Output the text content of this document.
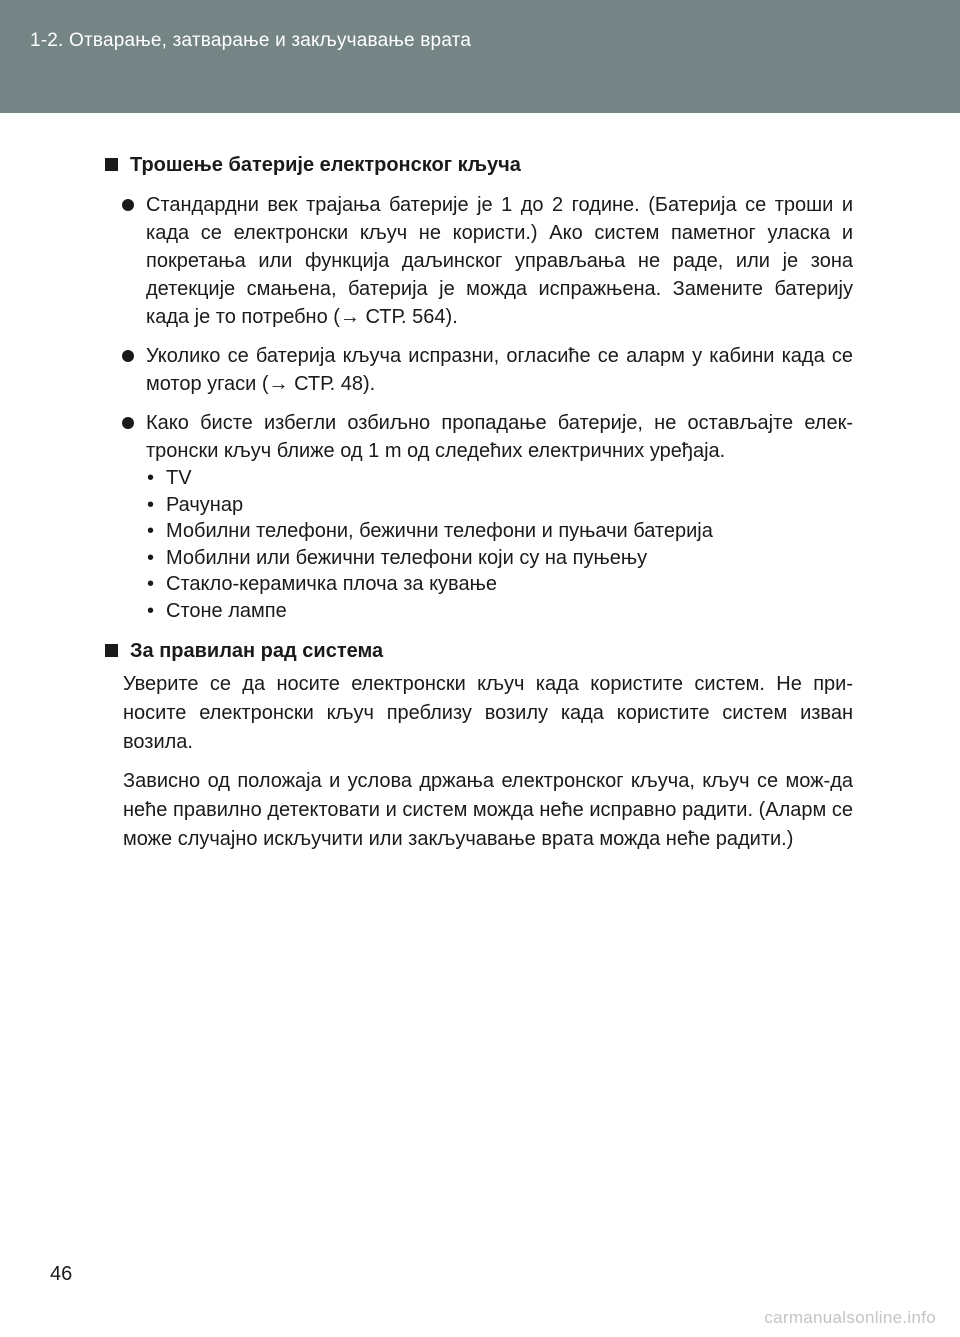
1-2. Отварање, затварање и закључавање врата
Трошење батерије електронског кључа
Стандардни век трајања батерије је 1 до 2 године. (Батерија се троши и када се електронски кључ не користи.) Ако систем паметног уласка и покретања или функција даљинског управљања не раде, или је зона детекције смањена, батерија је можда испражњена. Замените батерију када је то потребно (→ СТР. 564).
Уколико се батерија кључа испразни, огласиће се аларм у кабини када се мотор угаси (→ СТР. 48).
Како бисте избегли озбиљно пропадање батерије, не остављајте елек-тронски кључ ближе од 1 m од следећих електричних уређаја.
• TV
• Рачунар
• Мобилни телефони, бежични телефони и пуњачи батерија
• Мобилни или бежични телефони који су на пуњењу
• Стакло-керамичка плоча за кување
• Стоне лампе
За правилан рад система

Уверите се да носите електронски кључ када користите систем. Не при-носите електронски кључ преблизу возилу када користите систем изван возила.

Зависно од положаја и услова држања електронског кључа, кључ се мож-да неће правилно детектовати и систем можда неће исправно радити. (Аларм се може случајно искључити или закључавање врата можда неће радити.)

46
carmanualsonline.info
